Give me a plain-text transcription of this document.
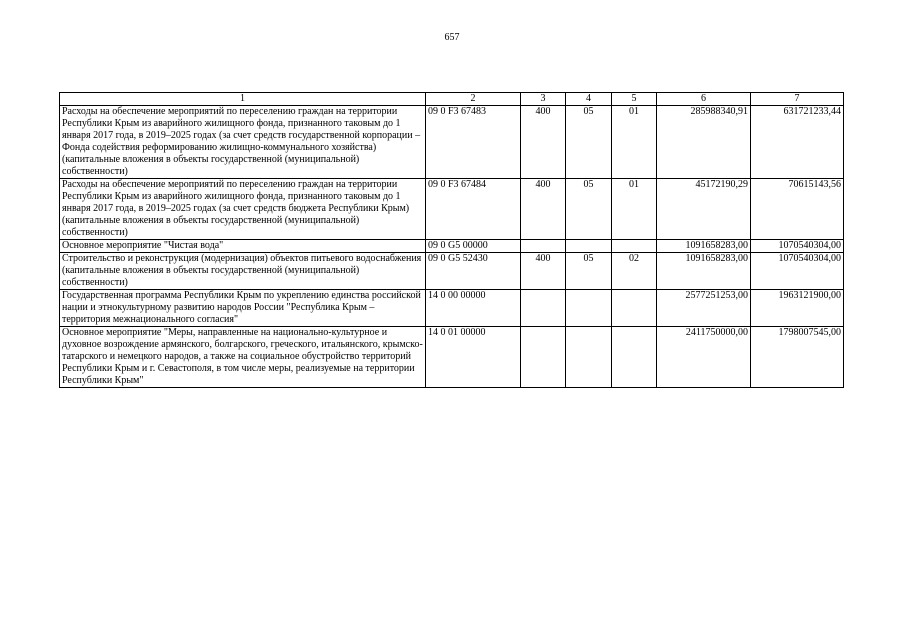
657
1	2	3	4	5	6	7
Расходы на обеспечение мероприятий по переселению граждан на территории Республики Крым из аварийного жилищного фонда, признанного таковым до 1 января 2017 года, в 2019–2025 годах (за счет средств государственной корпорации – Фонда содействия реформированию жилищно-коммунального хозяйства) (капитальные вложения в объекты государственной (муниципальной) собственности)	09 0 F3 67483	400	05	01	285988340,91	631721233,44
Расходы на обеспечение мероприятий по переселению граждан на территории Республики Крым из аварийного жилищного фонда, признанного таковым до 1 января 2017 года, в 2019–2025 годах (за счет средств бюджета Республики Крым) (капитальные вложения в объекты государственной (муниципальной) собственности)	09 0 F3 67484	400	05	01	45172190,29	70615143,56
Основное мероприятие "Чистая вода"	09 0 G5 00000				1091658283,00	1070540304,00
Строительство и реконструкция (модернизация) объектов питьевого водоснабжения (капитальные вложения в объекты государственной (муниципальной) собственности)	09 0 G5 52430	400	05	02	1091658283,00	1070540304,00
Государственная программа Республики Крым по укреплению единства российской нации и этнокультурному развитию народов России "Республика Крым – территория межнационального согласия"	14 0 00 00000				2577251253,00	1963121900,00
Основное мероприятие "Меры, направленные на национально-культурное и духовное возрождение армянского, болгарского, греческого, итальянского, крымско-татарского и немецкого народов, а также на социальное обустройство территорий Республики Крым и г. Севастополя, в том числе меры, реализуемые на территории Республики Крым"	14 0 01 00000				2411750000,00	1798007545,00
